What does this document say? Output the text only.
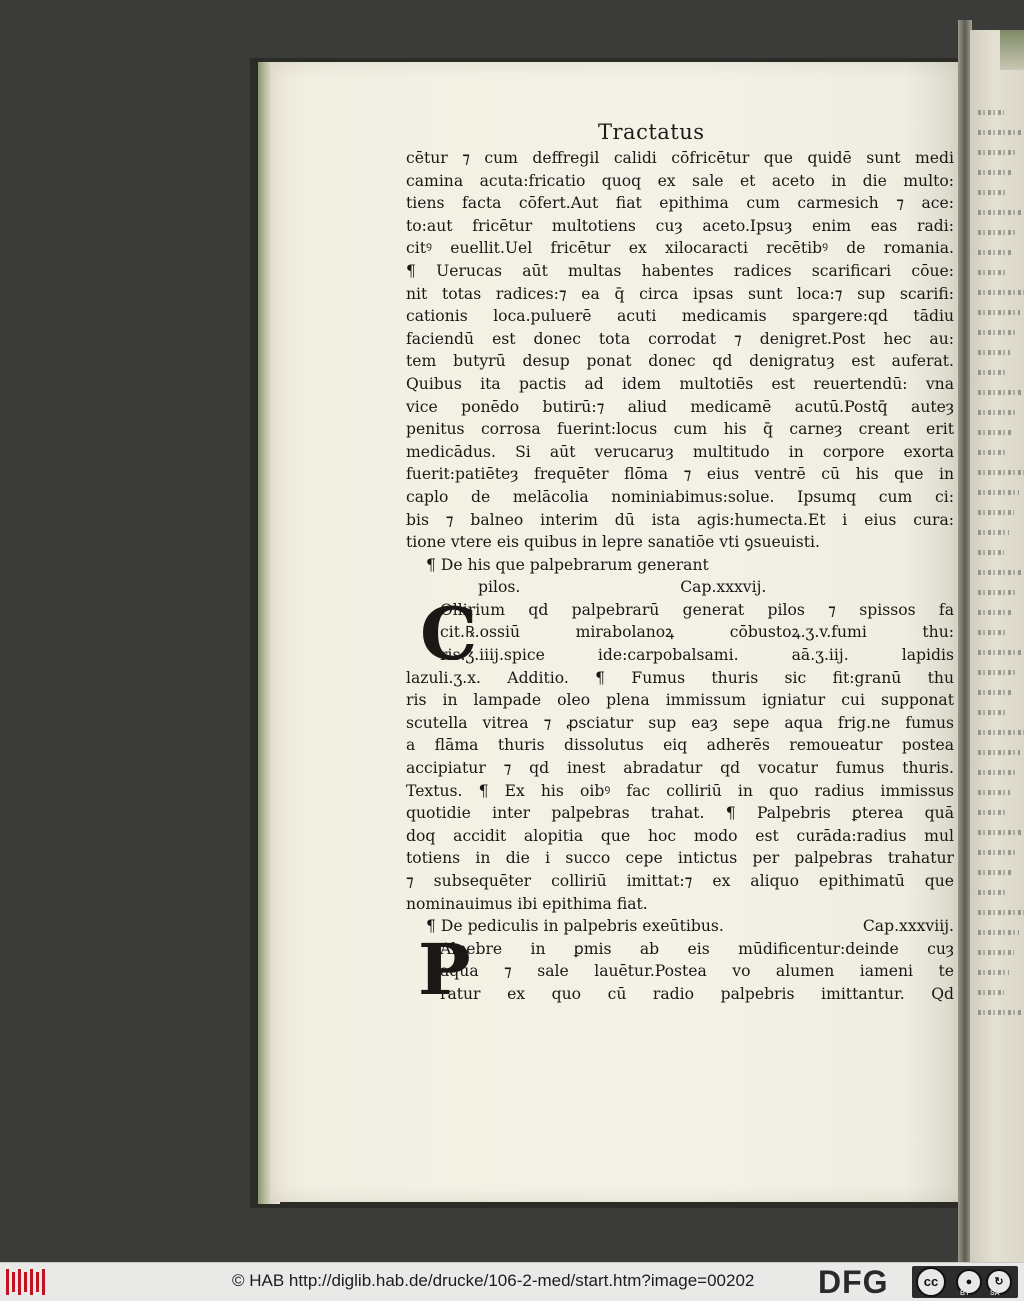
Tractatus
cētur ⁊ cum deffregil calidi cōfricētur que quidē sunt medi
camina acuta:fricatio quoq ex sale et aceto in die multo:
tiens facta cōfert.Aut fiat epithima cum carmesich ⁊ ace:
to:aut fricētur multotiens cuȝ aceto.Ipsuȝ enim eas radi:
citꝰ euellit.Uel fricētur ex xilocaracti recētibꝰ de romania.
¶ Uerucas aūt multas habentes radices scarificari cōue:
nit totas radices:⁊ ea q̄ circa ipsas sunt loca:⁊ sup scarifi:
cationis loca.puluerē acuti medicamis spargere:qd tādiu
faciendū est donec tota corrodat ⁊ denigret.Post hec au:
tem butyrū desup ponat donec qd denigratuȝ est auferat.
Quibus ita pactis ad idem multotiēs est reuertendū: vna
vice ponēdo butirū:⁊ aliud medicamē acutū.Postq̄ auteȝ
penitus corrosa fuerint:locus cum his q̄ carneȝ creant erit
medicādus. Si aūt verucaruȝ multitudo in corpore exorta
fuerit:patiēteȝ frequēter flōma ⁊ eius ventrē cū his que in
caplo de melācolia nominiabimus:solue. Ipsumq cum ci:
bis ⁊ balneo interim dū ista agis:humecta.Et i eius cura:
tione vtere eis quibus in lepre sanatiōe vti ꝯsueuisti.
¶ De his que palpebrarum generant
pilos.	Cap.xxxvij.
Ollirium qd palpebrarū generat pilos ⁊ spissos fa
cit.℞.ossiū mirabolanoꝝ cōbustoꝝ.ʒ.v.fumi thu:
ris.ʒ.iiij.spice ide:carpobalsami. aā.ʒ.iij. lapidis
lazuli.ʒ.x. Additio. ¶ Fumus thuris sic fit:granū thu
ris in lampade oleo plena immissum igniatur cui supponat
scutella vitrea ⁊ ꝓsciatur sup eaȝ sepe aqua frig.ne fumus
a flāma thuris dissolutus eiq adherēs remoueatur postea
accipiatur ⁊ qd inest abradatur qd vocatur fumus thuris.
Textus. ¶ Ex his oibꝰ fac colliriū in quo radius immissus
quotidie inter palpebras trahat. ¶ Palpebris ꝑterea quā
doq accidit alopitia que hoc modo est curāda:radius mul
totiens in die i succo cepe intictus per palpebras trahatur
⁊ subsequēter colliriū imittat:⁊ ex aliquo epithimatū que
nominauimus ibi epithima fiat.
¶ De pediculis in palpebris exeūtibus.	Cap.xxxviij.
Alpebre in ꝑmis ab eis mūdificentur:deinde cuȝ
aqua ⁊ sale lauētur.Postea vo alumen iameni te
ratur ex quo cū radio palpebris imittantur. Qd
C
P
© HAB http://diglib.hab.de/drucke/106-2-med/start.htm?image=00202 DFG	cc	●	↻
BY	SA
